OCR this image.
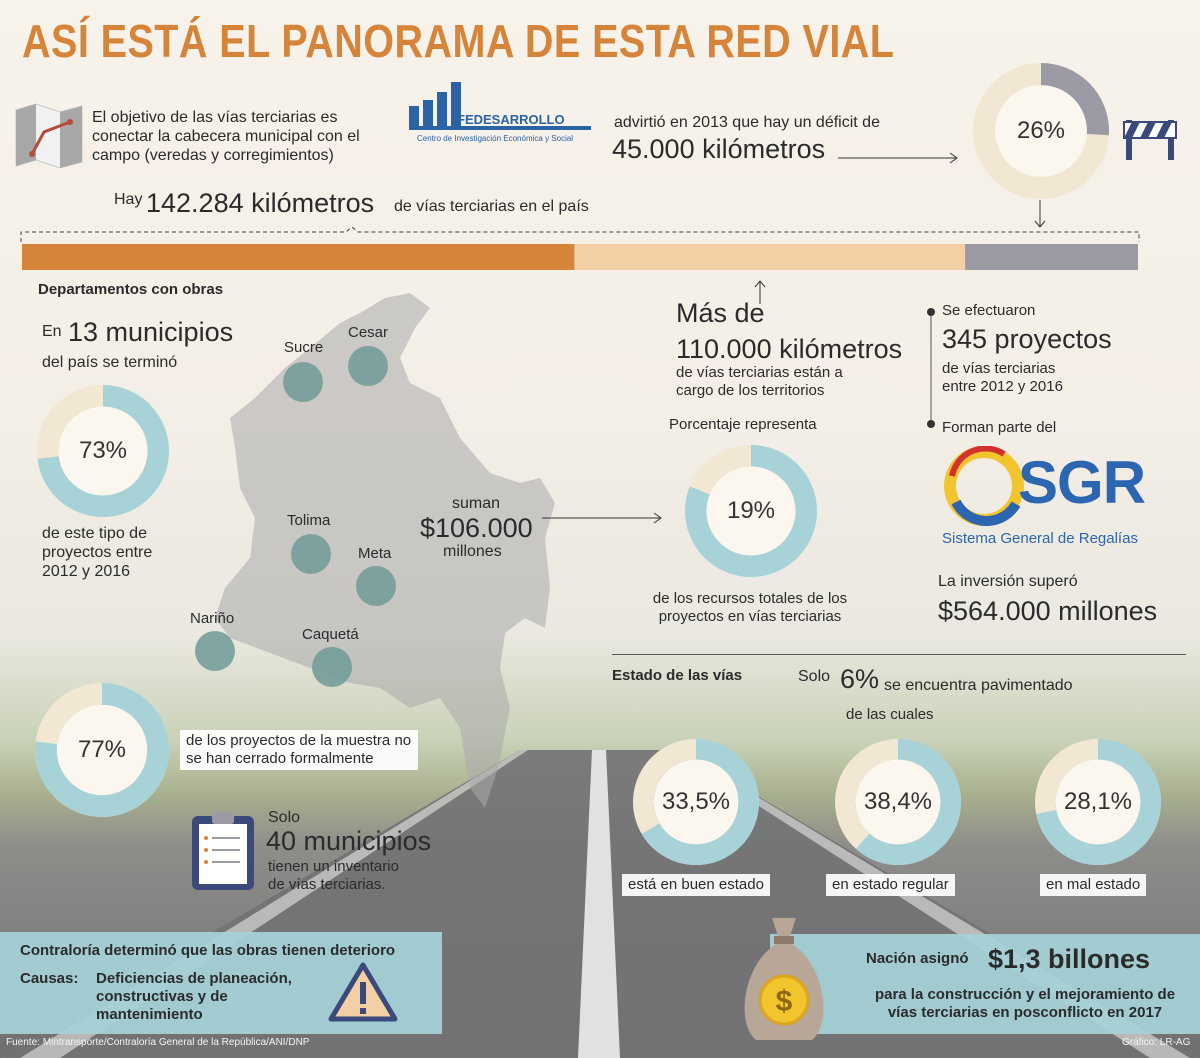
ASÍ ESTÁ EL PANORAMA DE ESTA RED VIAL
El objetivo de las vías terciarias es conectar la cabecera municipal con el campo (veredas y corregimientos)
FEDESARROLLO
Centro de Investigación Económica y Social
advirtió en 2013 que hay un déficit de
45.000 kilómetros
26%
Hay 142.284 kilómetros de vías terciarias en el país
Departamentos con obras
En 13 municipios
del país se terminó
73%
de este tipo de proyectos entre 2012 y 2016
Sucre
Cesar
Tolima
Meta
Nariño
Caquetá
suman
$106.000
millones
Más de
110.000 kilómetros
de vías terciarias están a cargo de los territorios
Porcentaje representa
19%
de los recursos totales de los proyectos en vías terciarias
Se efectuaron
345 proyectos
de vías terciarias entre 2012 y 2016
Forman parte del
SGR
Sistema General de Regalías
La inversión superó
$564.000 millones
Estado de las vías	Solo 6% se encuentra pavimentado
de las cuales
33,5%
está en buen estado
38,4%
en estado regular
28,1%
en mal estado
77%	de los proyectos de la muestra no se han cerrado formalmente
Solo
40 municipios
tienen un inventario de vías terciarias.
Contraloría determinó que las obras tienen deterioro
Causas: Deficiencias de planeación, constructivas y de mantenimiento
Nación asignó $1,3 billones
para la construcción y el mejoramiento de vías terciarias en posconflicto en 2017
$
Fuente: Mintransporte/Contraloría General de la República/ANI/DNP	Gráfico: LR-AG
